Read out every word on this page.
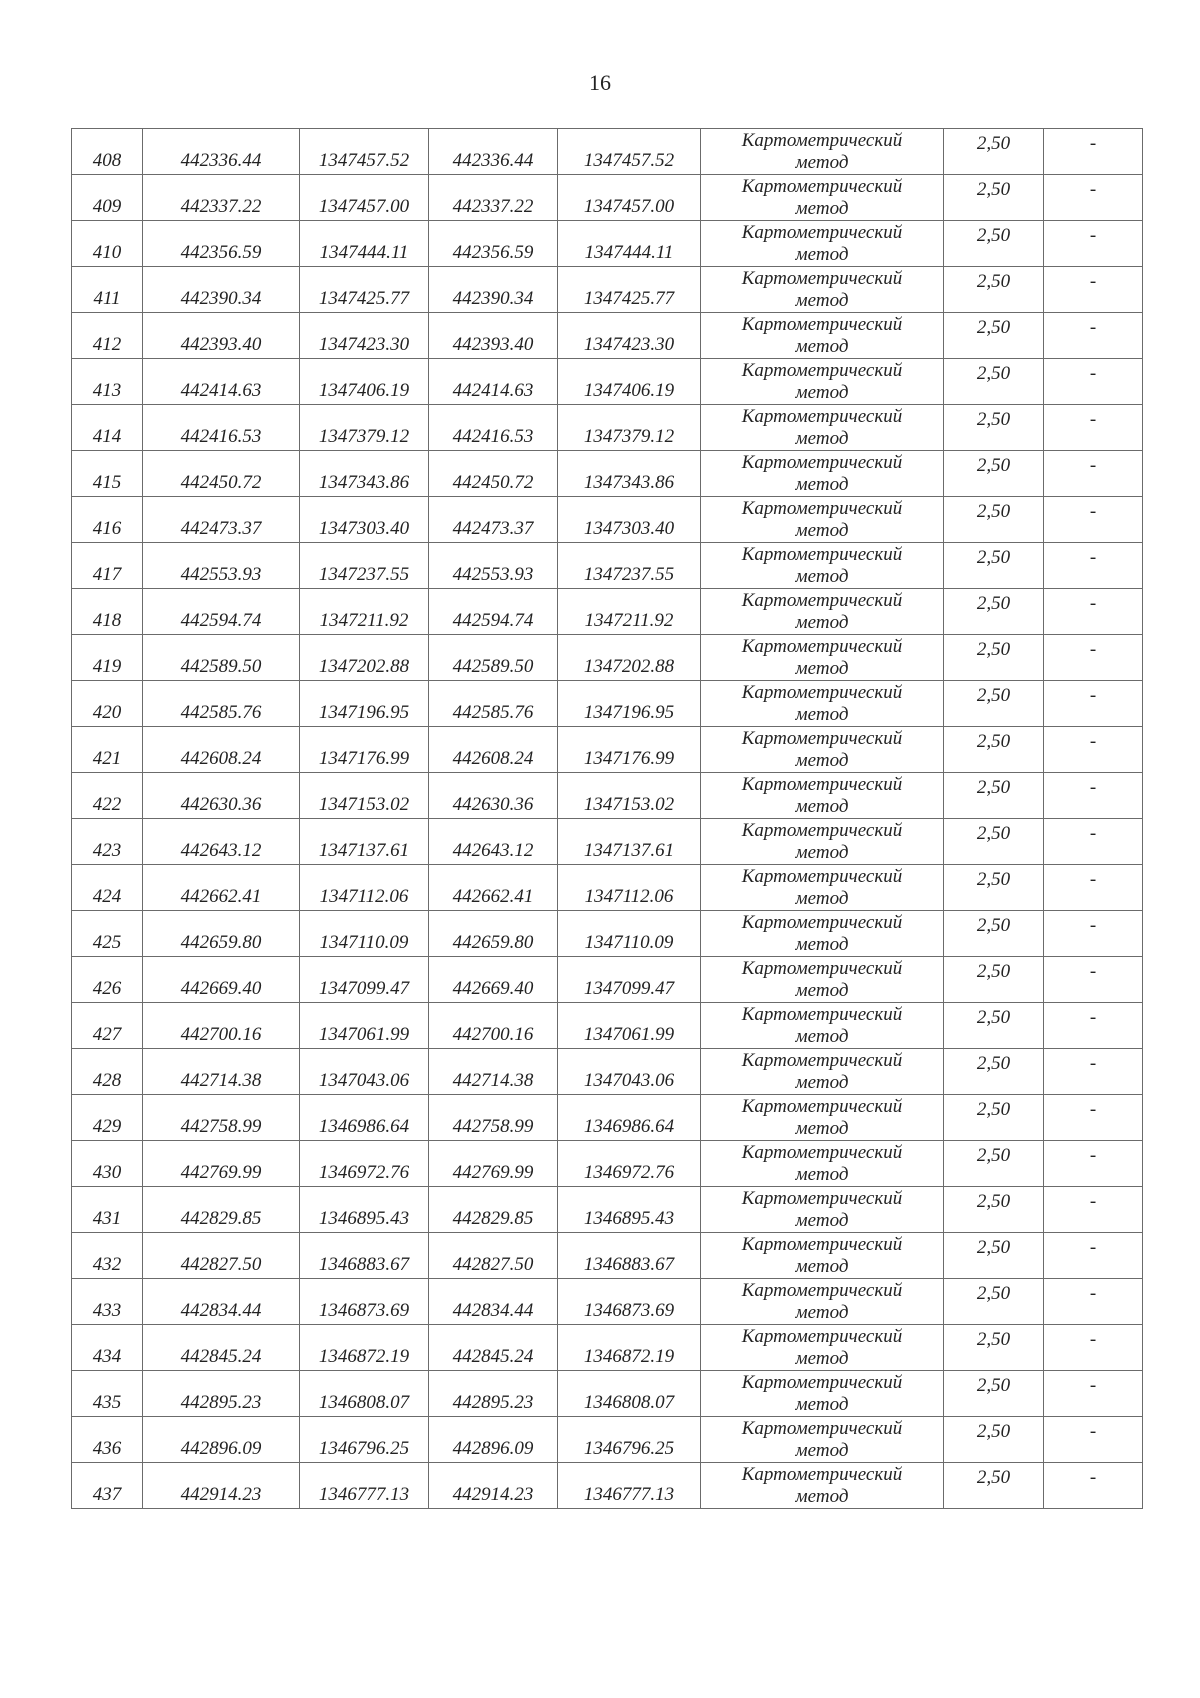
16
408	442336.44	1347457.52	442336.44	1347457.52	Картометрический
метод	2,50	-
409	442337.22	1347457.00	442337.22	1347457.00	Картометрический
метод	2,50	-
410	442356.59	1347444.11	442356.59	1347444.11	Картометрический
метод	2,50	-
411	442390.34	1347425.77	442390.34	1347425.77	Картометрический
метод	2,50	-
412	442393.40	1347423.30	442393.40	1347423.30	Картометрический
метод	2,50	-
413	442414.63	1347406.19	442414.63	1347406.19	Картометрический
метод	2,50	-
414	442416.53	1347379.12	442416.53	1347379.12	Картометрический
метод	2,50	-
415	442450.72	1347343.86	442450.72	1347343.86	Картометрический
метод	2,50	-
416	442473.37	1347303.40	442473.37	1347303.40	Картометрический
метод	2,50	-
417	442553.93	1347237.55	442553.93	1347237.55	Картометрический
метод	2,50	-
418	442594.74	1347211.92	442594.74	1347211.92	Картометрический
метод	2,50	-
419	442589.50	1347202.88	442589.50	1347202.88	Картометрический
метод	2,50	-
420	442585.76	1347196.95	442585.76	1347196.95	Картометрический
метод	2,50	-
421	442608.24	1347176.99	442608.24	1347176.99	Картометрический
метод	2,50	-
422	442630.36	1347153.02	442630.36	1347153.02	Картометрический
метод	2,50	-
423	442643.12	1347137.61	442643.12	1347137.61	Картометрический
метод	2,50	-
424	442662.41	1347112.06	442662.41	1347112.06	Картометрический
метод	2,50	-
425	442659.80	1347110.09	442659.80	1347110.09	Картометрический
метод	2,50	-
426	442669.40	1347099.47	442669.40	1347099.47	Картометрический
метод	2,50	-
427	442700.16	1347061.99	442700.16	1347061.99	Картометрический
метод	2,50	-
428	442714.38	1347043.06	442714.38	1347043.06	Картометрический
метод	2,50	-
429	442758.99	1346986.64	442758.99	1346986.64	Картометрический
метод	2,50	-
430	442769.99	1346972.76	442769.99	1346972.76	Картометрический
метод	2,50	-
431	442829.85	1346895.43	442829.85	1346895.43	Картометрический
метод	2,50	-
432	442827.50	1346883.67	442827.50	1346883.67	Картометрический
метод	2,50	-
433	442834.44	1346873.69	442834.44	1346873.69	Картометрический
метод	2,50	-
434	442845.24	1346872.19	442845.24	1346872.19	Картометрический
метод	2,50	-
435	442895.23	1346808.07	442895.23	1346808.07	Картометрический
метод	2,50	-
436	442896.09	1346796.25	442896.09	1346796.25	Картометрический
метод	2,50	-
437	442914.23	1346777.13	442914.23	1346777.13	Картометрический
метод	2,50	-
